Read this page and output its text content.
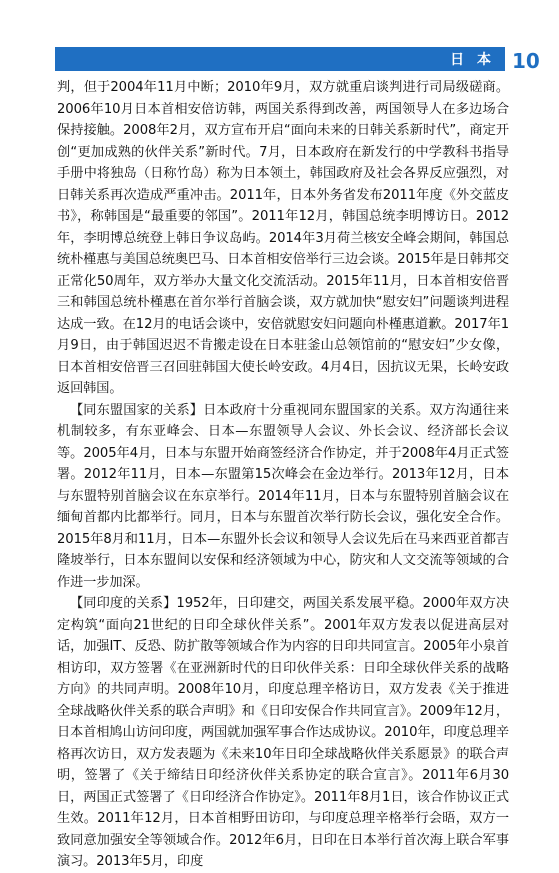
日 本 10

判，但于2004年11月中断；2010年9月，双方就重启谈判进行司局级磋商。2006年10月日本首相安倍访韩，两国关系得到改善，两国领导人在多边场合保持接触。2008年2月，双方宣布开启“面向未来的日韩关系新时代”，商定开创“更加成熟的伙伴关系”新时代。7月，日本政府在新发行的中学教科书指导手册中将独岛（日称竹岛）称为日本领土，韩国政府及社会各界反应强烈，对日韩关系再次造成严重冲击。2011年，日本外务省发布2011年度《外交蓝皮书》，称韩国是“最重要的邻国”。2011年12月，韩国总统李明博访日。2012年，李明博总统登上韩日争议岛屿。2014年3月荷兰核安全峰会期间，韩国总统朴槿惠与美国总统奥巴马、日本首相安倍举行三边会谈。2015年是日韩邦交正常化50周年，双方举办大量文化交流活动。2015年11月，日本首相安倍晋三和韩国总统朴槿惠在首尔举行首脑会谈，双方就加快“慰安妇”问题谈判进程达成一致。在12月的电话会谈中，安倍就慰安妇问题向朴槿惠道歉。2017年1月9日，由于韩国迟迟不肯搬走设在日本驻釜山总领馆前的“慰安妇”少女像，日本首相安倍晋三召回驻韩国大使长岭安政。4月4日，因抗议无果，长岭安政返回韩国。

【同东盟国家的关系】日本政府十分重视同东盟国家的关系。双方沟通往来机制较多，有东亚峰会、日本—东盟领导人会议、外长会议、经济部长会议等。2005年4月，日本与东盟开始商签经济合作协定，并于2008年4月正式签署。2012年11月，日本—东盟第15次峰会在金边举行。2013年12月，日本与东盟特别首脑会议在东京举行。2014年11月，日本与东盟特别首脑会议在缅甸首都内比都举行。同月，日本与东盟首次举行防长会议，强化安全合作。2015年8月和11月，日本—东盟外长会议和领导人会议先后在马来西亚首都吉隆坡举行，日本东盟间以安保和经济领域为中心，防灾和人文交流等领域的合作进一步加深。

【同印度的关系】1952年，日印建交，两国关系发展平稳。2000年双方决定构筑“面向21世纪的日印全球伙伴关系”。2001年双方发表以促进高层对话，加强IT、反恐、防扩散等领域合作为内容的日印共同宣言。2005年小泉首相访印，双方签署《在亚洲新时代的日印伙伴关系：日印全球伙伴关系的战略方向》的共同声明。2008年10月，印度总理辛格访日，双方发表《关于推进全球战略伙伴关系的联合声明》和《日印安保合作共同宣言》。2009年12月，日本首相鸠山访问印度，两国就加强军事合作达成协议。2010年，印度总理辛格再次访日，双方发表题为《未来10年日印全球战略伙伴关系愿景》的联合声明，签署了《关于缔结日印经济伙伴关系协定的联合宣言》。2011年6月30日，两国正式签署了《日印经济合作协定》。2011年8月1日，该合作协议正式生效。2011年12月，日本首相野田访印，与印度总理辛格举行会晤，双方一致同意加强安全等领域合作。2012年6月，日印在日本举行首次海上联合军事演习。2013年5月，印度
